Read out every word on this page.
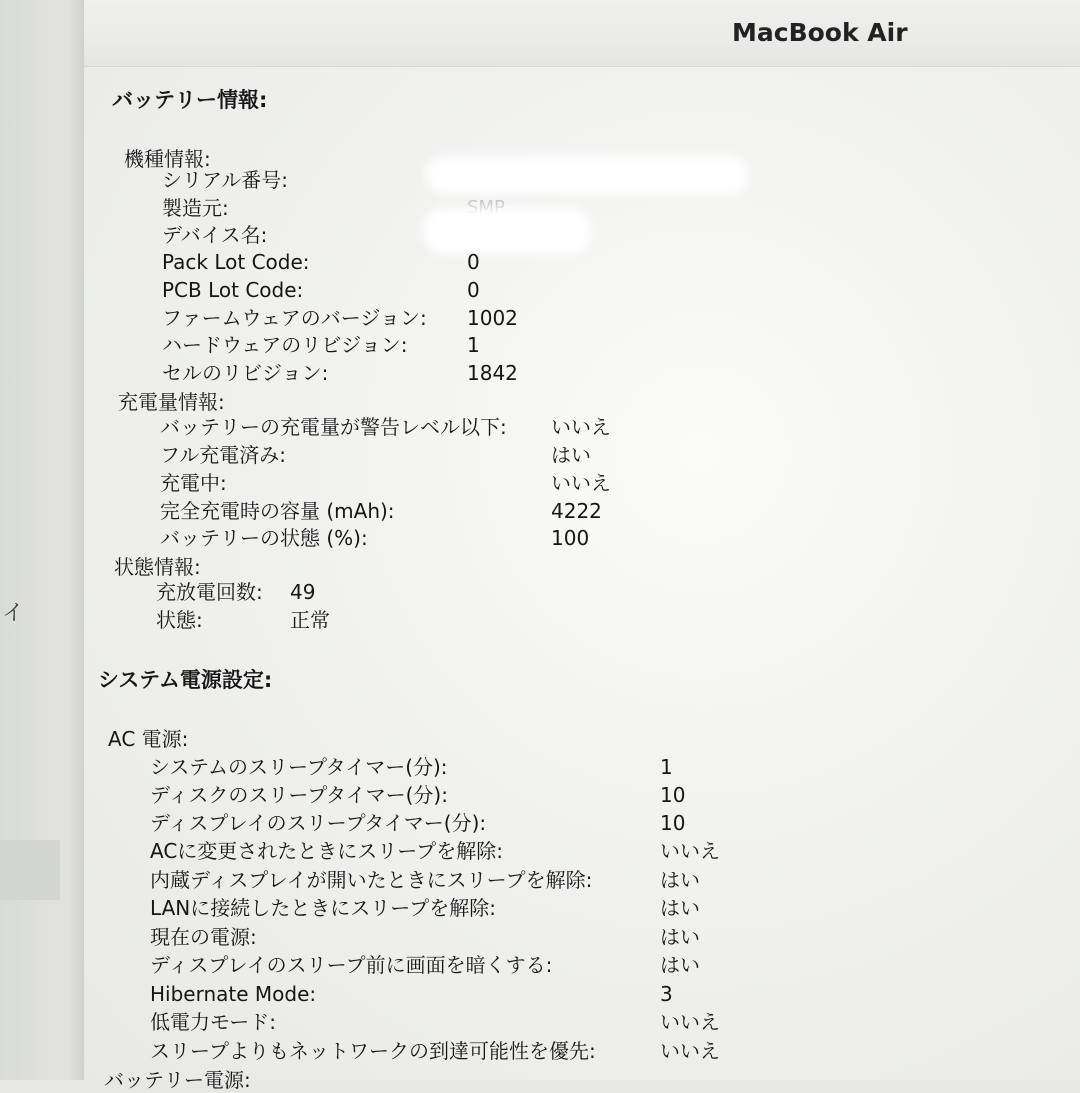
イ
MacBook Air
バッテリー情報:
機種情報:
シリアル番号:
製造元:
デバイス名:
Pack Lot Code:	0
PCB Lot Code:	0
ファームウェアのバージョン: 1002
ハードウェアのリビジョン:	1
セルのリビジョン:	1842
充電量情報:
バッテリーの充電量が警告レベル以下: いいえ
フル充電済み:	はい
充電中:	いいえ
完全充電時の容量 (mAh):	4222
バッテリーの状態 (%):	100
状態情報:
充放電回数: 49
状態:	正常
システム電源設定:
AC 電源:
システムのスリープタイマー(分):	1
ディスクのスリープタイマー(分):	10
ディスプレイのスリープタイマー(分):	10
ACに変更されたときにスリープを解除:	いいえ
内蔵ディスプレイが開いたときにスリープを解除:	はい
LANに接続したときにスリープを解除:	はい
現在の電源:	はい
ディスプレイのスリープ前に画面を暗くする:	はい
Hibernate Mode:	3
低電力モード:	いいえ
スリープよりもネットワークの到達可能性を優先:	いいえ
バッテリー電源:
